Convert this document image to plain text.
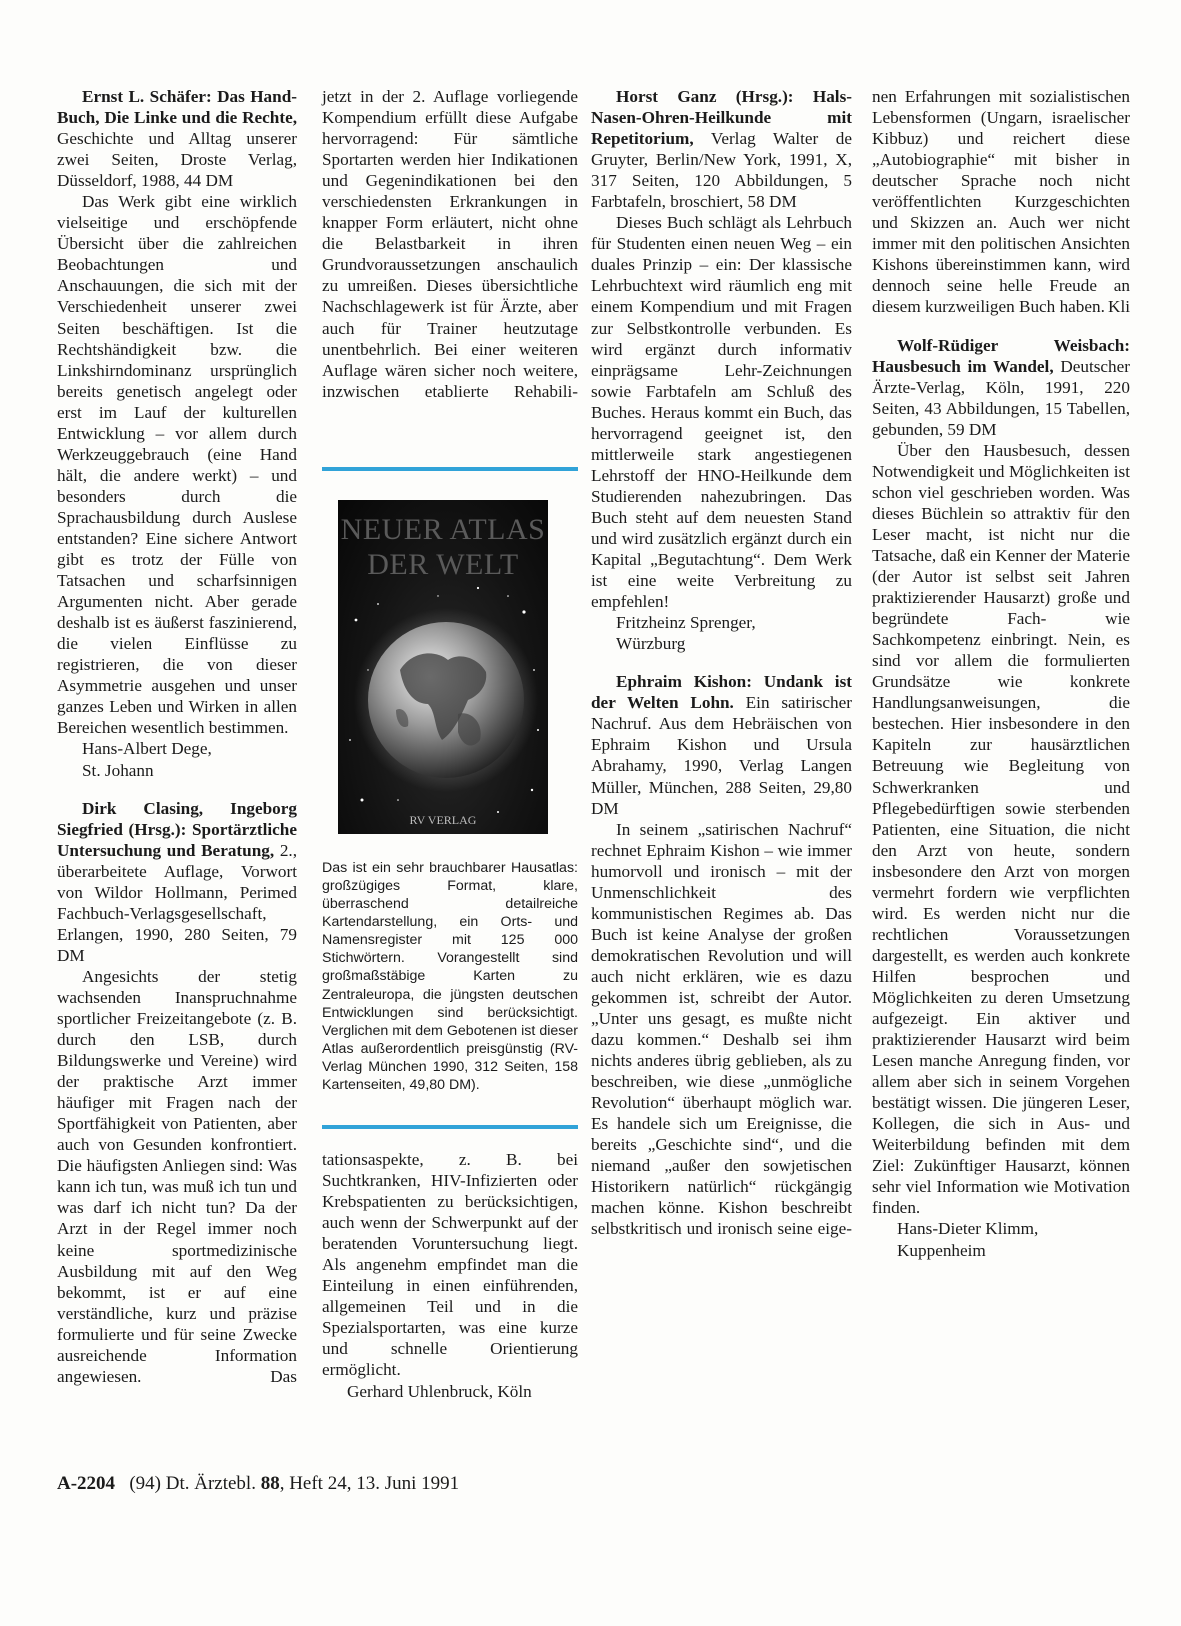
Ernst L. Schäfer: Das Hand-Buch, Die Linke und die Rechte, Geschichte und Alltag unserer zwei Seiten, Droste Verlag, Düsseldorf, 1988, 44 DM

Das Werk gibt eine wirklich vielseitige und erschöpfende Übersicht über die zahlreichen Beobachtungen und Anschauungen, die sich mit der Verschiedenheit unserer zwei Seiten beschäftigen. Ist die Rechtshändigkeit bzw. die Linkshirndominanz ursprünglich bereits genetisch angelegt oder erst im Lauf der kulturellen Entwicklung – vor allem durch Werkzeuggebrauch (eine Hand hält, die andere werkt) – und besonders durch die Sprachausbildung durch Auslese entstanden? Eine sichere Antwort gibt es trotz der Fülle von Tatsachen und scharfsinnigen Argumenten nicht. Aber gerade deshalb ist es äußerst faszinierend, die vielen Einflüsse zu registrieren, die von dieser Asymmetrie ausgehen und unser ganzes Leben und Wirken in allen Bereichen wesentlich bestimmen.

Hans-Albert Dege,

St. Johann

Dirk Clasing, Ingeborg Siegfried (Hrsg.): Sportärztliche Untersuchung und Beratung, 2., überarbeitete Auflage, Vorwort von Wildor Hollmann, Perimed Fachbuch-Verlagsgesellschaft, Erlangen, 1990, 280 Seiten, 79 DM

Angesichts der stetig wachsenden Inanspruchnahme sportlicher Freizeitangebote (z. B. durch den LSB, durch Bildungswerke und Vereine) wird der praktische Arzt immer häufiger mit Fragen nach der Sportfähigkeit von Patienten, aber auch von Gesunden konfrontiert. Die häufigsten Anliegen sind: Was kann ich tun, was muß ich tun und was darf ich nicht tun? Da der Arzt in der Regel immer noch keine sportmedizinische Ausbildung mit auf den Weg bekommt, ist er auf eine verständliche, kurz und präzise formulierte und für seine Zwecke ausreichende Information angewiesen. Das

jetzt in der 2. Auflage vorliegende Kompendium erfüllt diese Aufgabe hervorragend: Für sämtliche Sportarten werden hier Indikationen und Gegenindikationen bei den verschiedensten Erkrankungen in knapper Form erläutert, nicht ohne die Belastbarkeit in ihren Grundvoraussetzungen anschaulich zu umreißen. Dieses übersichtliche Nachschlagewerk ist für Ärzte, aber auch für Trainer heutzutage unentbehrlich. Bei einer weiteren Auflage wären sicher noch weitere, inzwischen etablierte Rehabili-

NEUER ATLAS
DER WELT
RV VERLAG

Das ist ein sehr brauchbarer Hausatlas: großzügiges Format, klare, überraschend detailreiche Kartendarstellung, ein Orts- und Namensregister mit 125 000 Stichwörtern. Vorangestellt sind großmaßstäbige Karten zu Zentraleuropa, die jüngsten deutschen Entwicklungen sind berücksichtigt. Verglichen mit dem Gebotenen ist dieser Atlas außerordentlich preisgünstig (RV-Verlag München 1990, 312 Seiten, 158 Kartenseiten, 49,80 DM).

tationsaspekte, z. B. bei Suchtkranken, HIV-Infizierten oder Krebspatienten zu berücksichtigen, auch wenn der Schwerpunkt auf der beratenden Voruntersuchung liegt. Als angenehm empfindet man die Einteilung in einen einführenden, allgemeinen Teil und in die Spezialsportarten, was eine kurze und schnelle Orientierung ermöglicht.

Gerhard Uhlenbruck, Köln

Horst Ganz (Hrsg.): Hals-Nasen-Ohren-Heilkunde mit Repetitorium, Verlag Walter de Gruyter, Berlin/New York, 1991, X, 317 Seiten, 120 Abbildungen, 5 Farbtafeln, broschiert, 58 DM

Dieses Buch schlägt als Lehrbuch für Studenten einen neuen Weg – ein duales Prinzip – ein: Der klassische Lehrbuchtext wird räumlich eng mit einem Kompendium und mit Fragen zur Selbstkontrolle verbunden. Es wird ergänzt durch informativ einprägsame Lehr-Zeichnungen sowie Farbtafeln am Schluß des Buches. Heraus kommt ein Buch, das hervorragend geeignet ist, den mittlerweile stark angestiegenen Lehrstoff der HNO-Heilkunde dem Studierenden nahezubringen. Das Buch steht auf dem neuesten Stand und wird zusätzlich ergänzt durch ein Kapital „Begutachtung“. Dem Werk ist eine weite Verbreitung zu empfehlen!

Fritzheinz Sprenger,

Würzburg

Ephraim Kishon: Undank ist der Welten Lohn. Ein satirischer Nachruf. Aus dem Hebräischen von Ephraim Kishon und Ursula Abrahamy, 1990, Verlag Langen Müller, München, 288 Seiten, 29,80 DM

In seinem „satirischen Nachruf“ rechnet Ephraim Kishon – wie immer humorvoll und ironisch – mit der Unmenschlichkeit des kommunistischen Regimes ab. Das Buch ist keine Analyse der großen demokratischen Revolution und will auch nicht erklären, wie es dazu gekommen ist, schreibt der Autor. „Unter uns gesagt, es mußte nicht dazu kommen.“ Deshalb sei ihm nichts anderes übrig geblieben, als zu beschreiben, wie diese „unmögliche Revolution“ überhaupt möglich war. Es handele sich um Ereignisse, die bereits „Geschichte sind“, und die niemand „außer den sowjetischen Historikern natürlich“ rückgängig machen könne. Kishon beschreibt selbstkritisch und ironisch seine eige-

nen Erfahrungen mit sozialistischen Lebensformen (Ungarn, israelischer Kibbuz) und reichert diese „Autobiographie“ mit bisher in deutscher Sprache noch nicht veröffentlichten Kurzgeschichten und Skizzen an. Auch wer nicht immer mit den politischen Ansichten Kishons übereinstimmen kann, wird dennoch seine helle Freude an diesem kurzweiligen Buch haben. Kli

Wolf-Rüdiger Weisbach: Hausbesuch im Wandel, Deutscher Ärzte-Verlag, Köln, 1991, 220 Seiten, 43 Abbildungen, 15 Tabellen, gebunden, 59 DM

Über den Hausbesuch, dessen Notwendigkeit und Möglichkeiten ist schon viel geschrieben worden. Was dieses Büchlein so attraktiv für den Leser macht, ist nicht nur die Tatsache, daß ein Kenner der Materie (der Autor ist selbst seit Jahren praktizierender Hausarzt) große und begründete Fach- wie Sachkompetenz einbringt. Nein, es sind vor allem die formulierten Grundsätze wie konkrete Handlungsanweisungen, die bestechen. Hier insbesondere in den Kapiteln zur hausärztlichen Betreuung wie Begleitung von Schwerkranken und Pflegebedürftigen sowie sterbenden Patienten, eine Situation, die nicht den Arzt von heute, sondern insbesondere den Arzt von morgen vermehrt fordern wie verpflichten wird. Es werden nicht nur die rechtlichen Voraussetzungen dargestellt, es werden auch konkrete Hilfen besprochen und Möglichkeiten zu deren Umsetzung aufgezeigt. Ein aktiver und praktizierender Hausarzt wird beim Lesen manche Anregung finden, vor allem aber sich in seinem Vorgehen bestätigt wissen. Die jüngeren Leser, Kollegen, die sich in Aus- und Weiterbildung befinden mit dem Ziel: Zukünftiger Hausarzt, können sehr viel Information wie Motivation finden.

Hans-Dieter Klimm,

Kuppenheim

A-2204 (94) Dt. Ärztebl. 88, Heft 24, 13. Juni 1991
